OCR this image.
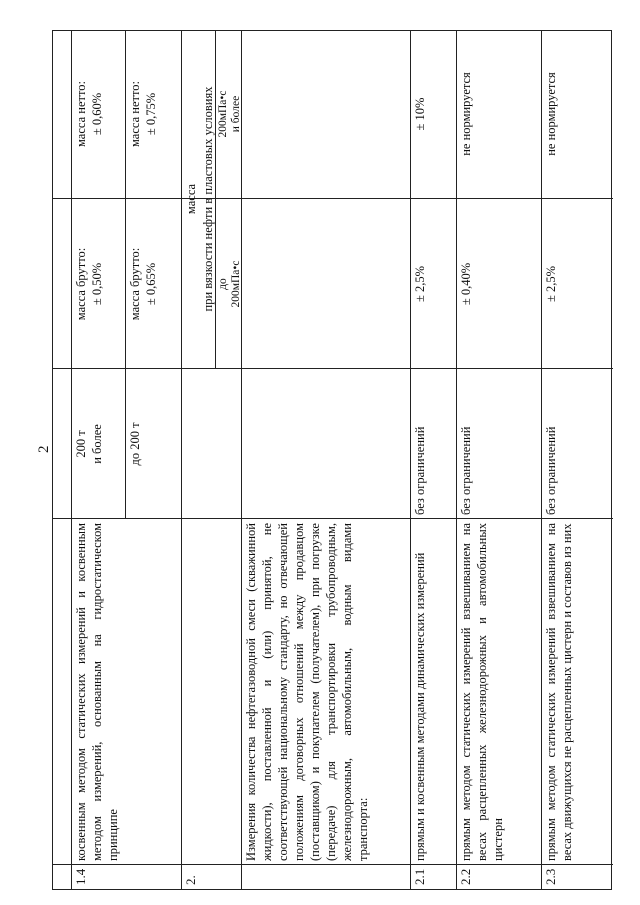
2
1.4
косвенным методом статических измерений и косвенным методом измерений, основанным на гидростатическом принципе
200 т
и более
масса брутто:
± 0,50%
масса нетто:
± 0,60%
до 200 т
масса брутто:
± 0,65%
масса нетто:
± 0,75%
2.
Измерения количества нефтегазоводной смеси (скважинной жидкости), поставленной и (или) принятой, не соответствующей национальному стандарту, но отвечающей положениям договорных отношений между продавцом (поставщиком) и покупателем (получателем), при погрузке (передаче) для транспортировки трубопроводным, железнодорожным, автомобильным, водным видами транспорта:
масса при вязкости нефти в пластовых условиях до
200мПа•с
200мПа•с
и более
2.1
прямым и косвенным методами динамических измерений
без ограничений
± 2,5%
± 10%
2.2
прямым методом статических измерений взвешиванием на весах расцепленных железнодорожных и автомобильных цистерн
без ограничений
± 0,40%
не нормируется
2.3
прямым методом статических измерений взвешиванием на весах движущихся не расцепленных цистерн и составов из них
без ограничений
± 2,5%
не нормируется
